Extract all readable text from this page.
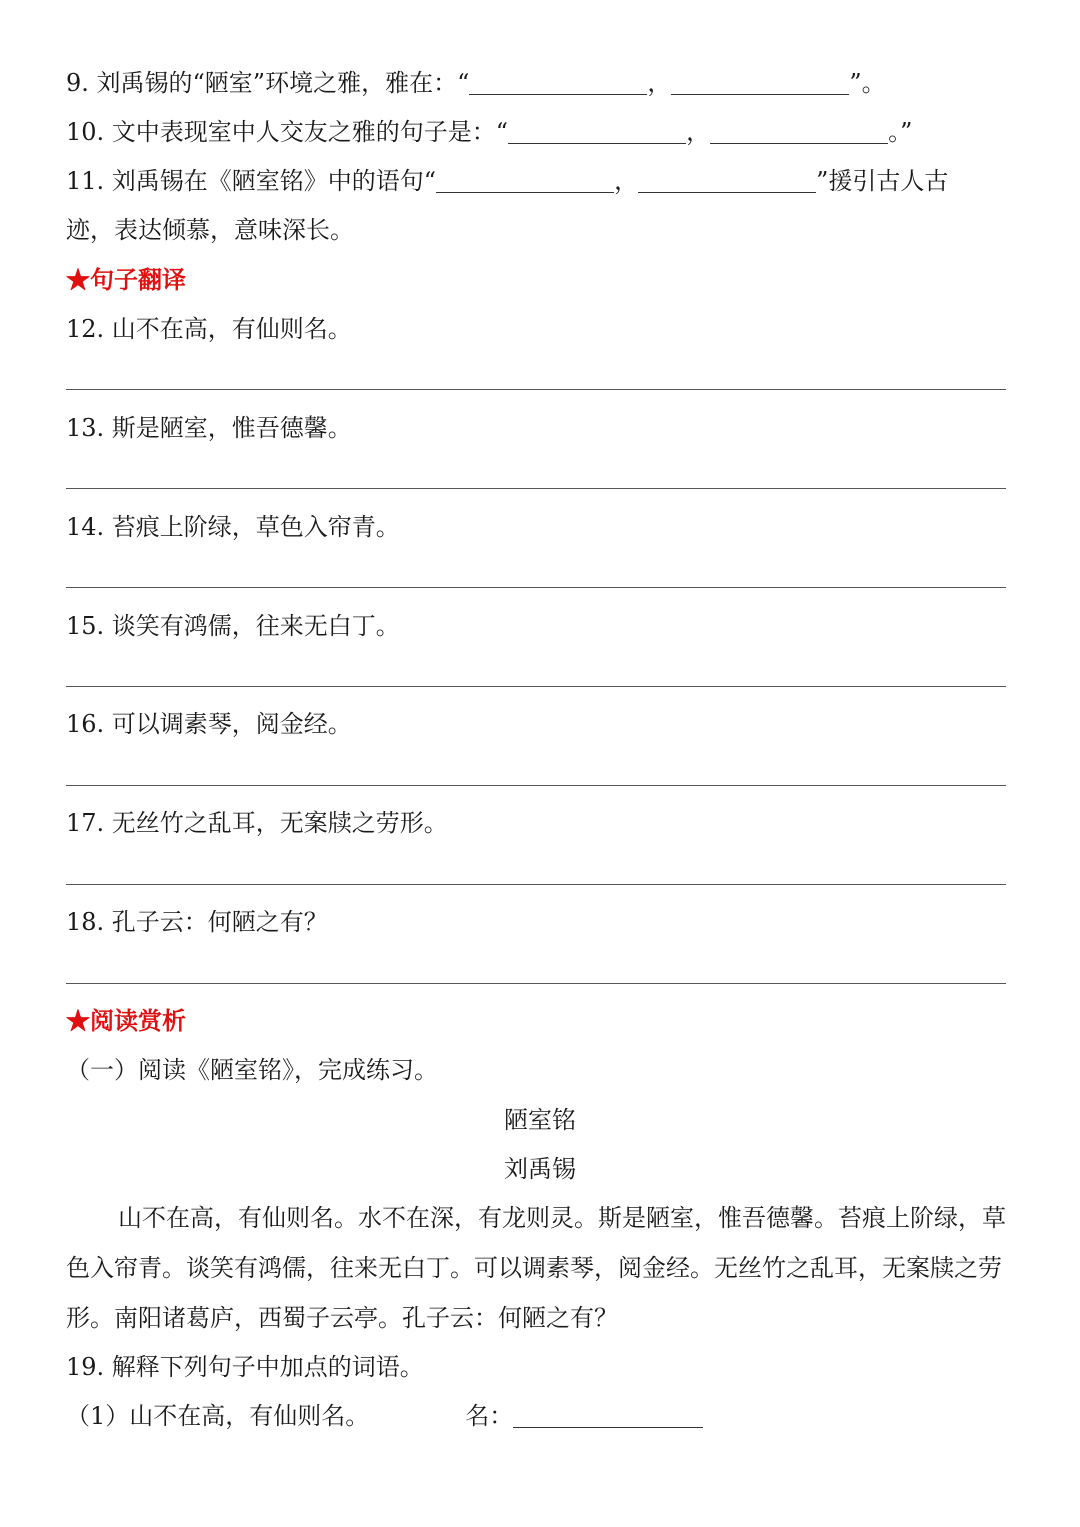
9. 刘禹锡的“陋室”环境之雅，雅在：“	，	”。
10. 文中表现室中人交友之雅的句子是：“	，	。”
11. 刘禹锡在《陋室铭》中的语句“	，	”援引古人古
迹，表达倾慕，意味深长。
★句子翻译
12. 山不在高，有仙则名。
13. 斯是陋室，惟吾德馨。
14. 苔痕上阶绿，草色入帘青。
15. 谈笑有鸿儒，往来无白丁。
16. 可以调素琴，阅金经。
17. 无丝竹之乱耳，无案牍之劳形。
18. 孔子云：何陋之有？
★阅读赏析
（一）阅读《陋室铭》，完成练习。
陋室铭
刘禹锡
山不在高，有仙则名。水不在深，有龙则灵。斯是陋室，惟吾德馨。苔痕上阶绿，草色入帘青。谈笑有鸿儒，往来无白丁。可以调素琴，阅金经。无丝竹之乱耳，无案牍之劳形。南阳诸葛庐，西蜀子云亭。孔子云：何陋之有？
19. 解释下列句子中加点的词语。
（1）山不在高，有仙则名。	名：
